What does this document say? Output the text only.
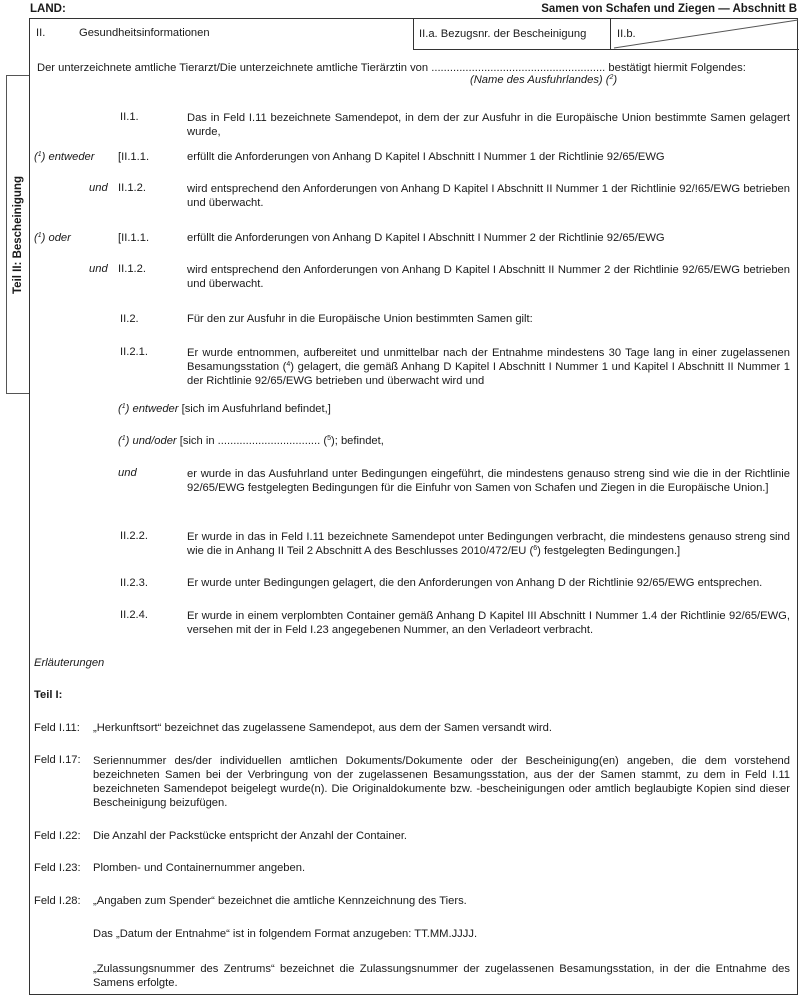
LAND:	Samen von Schafen und Ziegen — Abschnitt B
II.	Gesundheitsinformationen	II.a. Bezugsnr. der Bescheinigung	II.b.
Teil II: Bescheinigung
Der unterzeichnete amtliche Tierarzt/Die unterzeichnete amtliche Tierärztin von ........................................................ bestätigt hiermit Folgendes:
(Name des Ausfuhrlandes) ($^2$)
II.1.	Das in Feld I.11 bezeichnete Samendepot, in dem der zur Ausfuhr in die Europäische Union bestimmte Samen gelagert wurde,
($^1$) entweder [II.1.1.	erfüllt die Anforderungen von Anhang D Kapitel I Abschnitt I Nummer 1 der Richtlinie 92/65/EWG
und II.1.2.	wird entsprechend den Anforderungen von Anhang D Kapitel I Abschnitt II Nummer 1 der Richtlinie 92/!65/EWG betrieben und überwacht.
($^1$) oder	[II.1.1.	erfüllt die Anforderungen von Anhang D Kapitel I Abschnitt I Nummer 2 der Richtlinie 92/65/EWG
und II.1.2.	wird entsprechend den Anforderungen von Anhang D Kapitel I Abschnitt II Nummer 2 der Richtlinie 92/65/EWG betrieben und überwacht.
II.2.	Für den zur Ausfuhr in die Europäische Union bestimmten Samen gilt:
II.2.1.	Er wurde entnommen, aufbereitet und unmittelbar nach der Entnahme mindestens 30 Tage lang in einer zugelassenen Besamungsstation ($^4$) gelagert, die gemäß Anhang D Kapitel I Abschnitt I Nummer 1 und Kapitel I Abschnitt II Nummer 1 der Richtlinie 92/65/EWG betrieben und überwacht wird und
($^1$) entweder [sich im Ausfuhrland befindet,]
($^1$) und/oder [sich in ................................. ($^5$); befindet,
und	er wurde in das Ausfuhrland unter Bedingungen eingeführt, die mindestens genauso streng sind wie die in der Richtlinie 92/65/EWG festgelegten Bedingungen für die Einfuhr von Samen von Schafen und Ziegen in die Europäische Union.]
II.2.2.	Er wurde in das in Feld I.11 bezeichnete Samendepot unter Bedingungen verbracht, die mindestens genauso streng sind wie die in Anhang II Teil 2 Abschnitt A des Beschlusses 2010/472/EU ($^6$) festgelegten Bedingungen.]
II.2.3.	Er wurde unter Bedingungen gelagert, die den Anforderungen von Anhang D der Richtlinie 92/65/EWG entsprechen.
II.2.4.	Er wurde in einem verplombten Container gemäß Anhang D Kapitel III Abschnitt I Nummer 1.4 der Richtlinie 92/65/EWG, versehen mit der in Feld I.23 angegebenen Nummer, an den Verladeort verbracht.
Erläuterungen
Teil I:
Feld I.11: „Herkunftsort“ bezeichnet das zugelassene Samendepot, aus dem der Samen versandt wird.
Feld I.17: Seriennummer des/der individuellen amtlichen Dokuments/Dokumente oder der Bescheinigung(en) angeben, die dem vorstehend bezeichneten Samen bei der Verbringung von der zugelassenen Besamungsstation, aus der der Samen stammt, zu dem in Feld I.11 bezeichneten Samendepot beigelegt wurde(n). Die Originaldokumente bzw. -bescheinigungen oder amtlich beglaubigte Kopien sind dieser Bescheinigung beizufügen.
Feld I.22: Die Anzahl der Packstücke entspricht der Anzahl der Container.
Feld I.23: Plomben- und Containernummer angeben.
Feld I.28: „Angaben zum Spender“ bezeichnet die amtliche Kennzeichnung des Tiers.
Das „Datum der Entnahme“ ist in folgendem Format anzugeben: TT.MM.JJJJ.
„Zulassungsnummer des Zentrums“ bezeichnet die Zulassungsnummer der zugelassenen Besamungsstation, in der die Entnahme des Samens erfolgte.
